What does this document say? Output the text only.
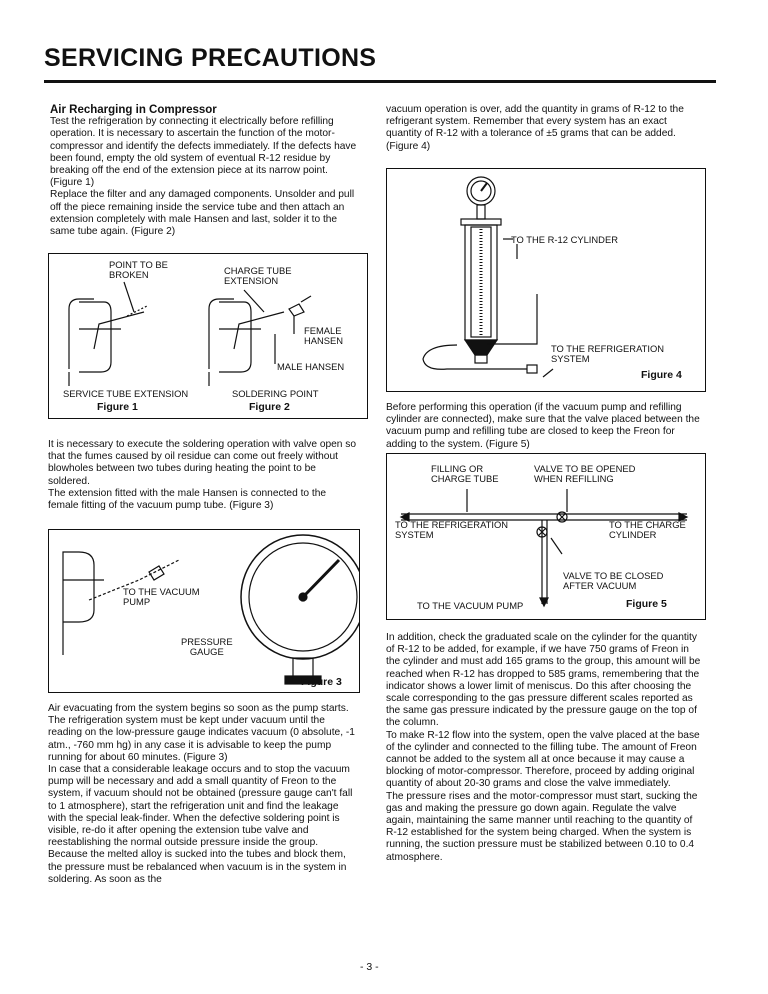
SERVICING PRECAUTIONS

Air Recharging in Compressor

Test the refrigeration by connecting it electrically before refilling operation. It is necessary to ascertain the function of the motor-compressor and identify the defects immediately. If the defects have been found, empty the old system of eventual R-12 residue by breaking off the end of the extension piece at its narrow point. (Figure 1)

Replace the filter and any damaged components. Unsolder and pull off the piece remaining inside the service tube and then attach an extension completely with male Hansen and last, solder it to the same tube again. (Figure 2)

POINT TO BE
BROKEN	CHARGE TUBE
EXTENSION
FEMALE
HANSEN
MALE HANSEN
SERVICE TUBE EXTENSION	SOLDERING POINT
Figure 1	Figure 2

It is necessary to execute the soldering operation with valve open so that the fumes caused by oil residue can come out freely without blowholes between two tubes during heating the point to be soldered.

The extension fitted with the male Hansen is connected to the female fitting of the vacuum pump tube. (Figure 3)

TO THE VACUUM
PUMP
PRESSURE
GAUGE
Figure 3

Air evacuating from the system begins so soon as the pump starts. The refrigeration system must be kept under vacuum until the reading on the low-pressure gauge indicates vacuum (0 absolute, -1 atm., -760 mm hg) in any case it is advisable to keep the pump running for about 60 minutes. (Figure 3)

In case that a considerable leakage occurs and to stop the vacuum pump will be necessary and add a small quantity of Freon to the system, if vacuum should not be obtained (pressure gauge can't fall to 1 atmosphere), start the refrigeration unit and find the leakage with the special leak-finder. When the defective soldering point is visible, re-do it after opening the extension tube valve and reestablishing the normal outside pressure inside the group.

Because the melted alloy is sucked into the tubes and block them, the pressure must be rebalanced when vacuum is in the system in soldering. As soon as the

vacuum operation is over, add the quantity in grams of R-12 to the refrigerant system. Remember that every system has an exact quantity of R-12 with a tolerance of ±5 grams that can be added. (Figure 4)

TO THE R-12 CYLINDER
TO THE REFRIGERATION
SYSTEM
Figure 4

Before performing this operation (if the vacuum pump and refilling cylinder are connected), make sure that the valve placed between the vacuum pump and refilling tube are closed to keep the Freon for adding to the system. (Figure 5)

FILLING OR
CHARGE TUBE
VALVE TO BE OPENED
WHEN REFILLING
TO THE REFRIGERATION
SYSTEM
TO THE CHARGE
CYLINDER
VALVE TO BE CLOSED
AFTER VACUUM
TO THE VACUUM PUMP	Figure 5

In addition, check the graduated scale on the cylinder for the quantity of R-12 to be added, for example, if we have 750 grams of Freon in the cylinder and must add 165 grams to the group, this amount will be reached when R-12 has dropped to 585 grams, remembering that the indicator shows a lower limit of meniscus. Do this after choosing the scale corresponding to the gas pressure different scales reported as the same gas pressure indicated by the pressure gauge on the top of the column.

To make R-12 flow into the system, open the valve placed at the base of the cylinder and connected to the filling tube. The amount of Freon cannot be added to the system all at once because it may cause a blocking of motor-compressor. Therefore, proceed by adding original quantity of about 20-30 grams and close the valve immediately.

The pressure rises and the motor-compressor must start, sucking the gas and making the pressure go down again. Regulate the valve again, maintaining the same manner until reaching to the quantity of R-12 established for the system being charged. When the system is running, the suction pressure must be stabilized between 0.10 to 0.4 atmosphere.

- 3 -
